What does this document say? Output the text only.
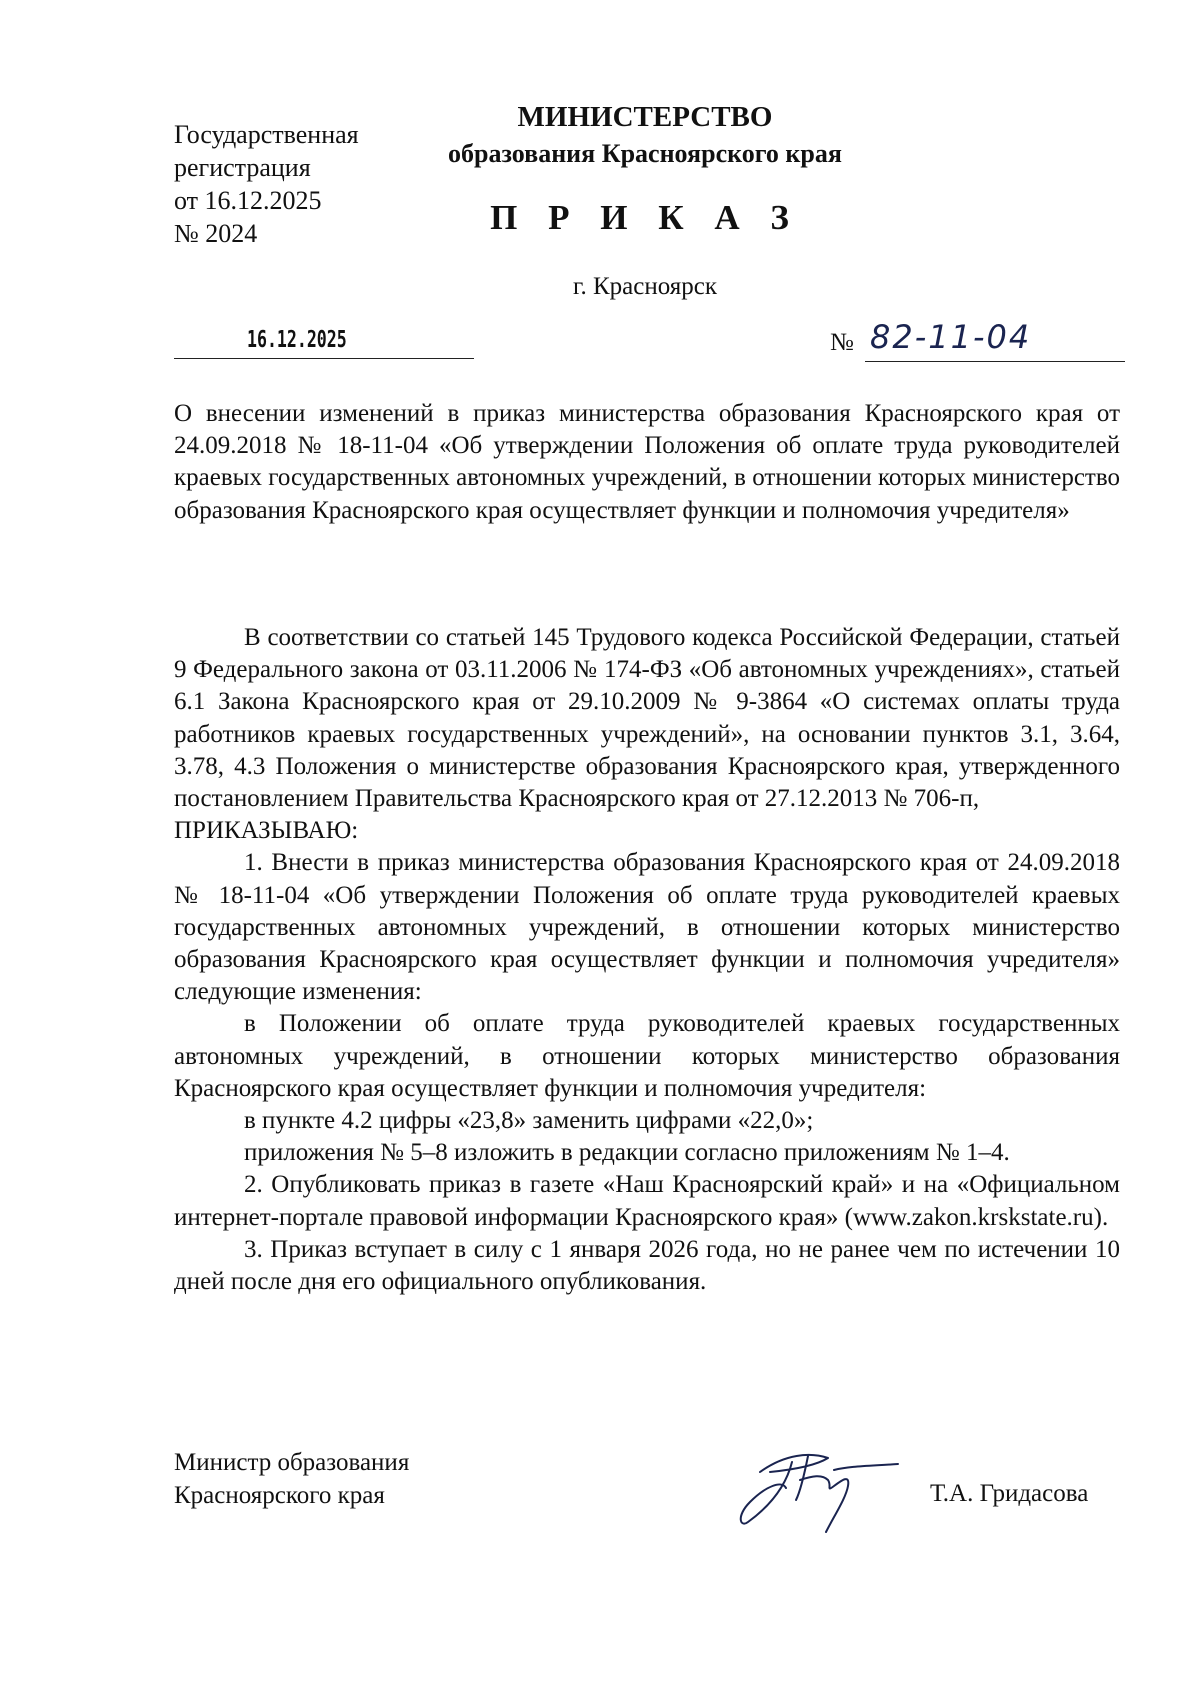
Государственная
регистрация
от 16.12.2025
№ 2024
МИНИСТЕРСТВО
образования Красноярского края
П Р И К А З
г. Красноярск
16.12.2025	№ 82-11-04

О внесении изменений в приказ министерства образования Красноярского края от 24.09.2018 № 18-11-04 «Об утверждении Положения об оплате труда руководителей краевых государственных автономных учреждений, в отношении которых министерство образования Красноярского края осуществляет функции и полномочия учредителя»

В соответствии со статьей 145 Трудового кодекса Российской Федерации, статьей 9 Федерального закона от 03.11.2006 № 174-ФЗ «Об автономных учреждениях», статьей 6.1 Закона Красноярского края от 29.10.2009 № 9-3864 «О системах оплаты труда работников краевых государственных учреждений», на основании пунктов 3.1, 3.64, 3.78, 4.3 Положения о министерстве образования Красноярского края, утвержденного постановлением Правительства Красноярского края от 27.12.2013 № 706-п,

ПРИКАЗЫВАЮ:

1. Внести в приказ министерства образования Красноярского края от 24.09.2018 № 18-11-04 «Об утверждении Положения об оплате труда руководителей краевых государственных автономных учреждений, в отношении которых министерство образования Красноярского края осуществляет функции и полномочия учредителя» следующие изменения:

в Положении об оплате труда руководителей краевых государственных автономных учреждений, в отношении которых министерство образования Красноярского края осуществляет функции и полномочия учредителя:

в пункте 4.2 цифры «23,8» заменить цифрами «22,0»;

приложения № 5–8 изложить в редакции согласно приложениям № 1–4.

2. Опубликовать приказ в газете «Наш Красноярский край» и на «Официальном интернет-портале правовой информации Красноярского края» (www.zakon.krskstate.ru).

3. Приказ вступает в силу с 1 января 2026 года, но не ранее чем по истечении 10 дней после дня его официального опубликования.

Министр образования
Красноярского края	Т.А. Гридасова
